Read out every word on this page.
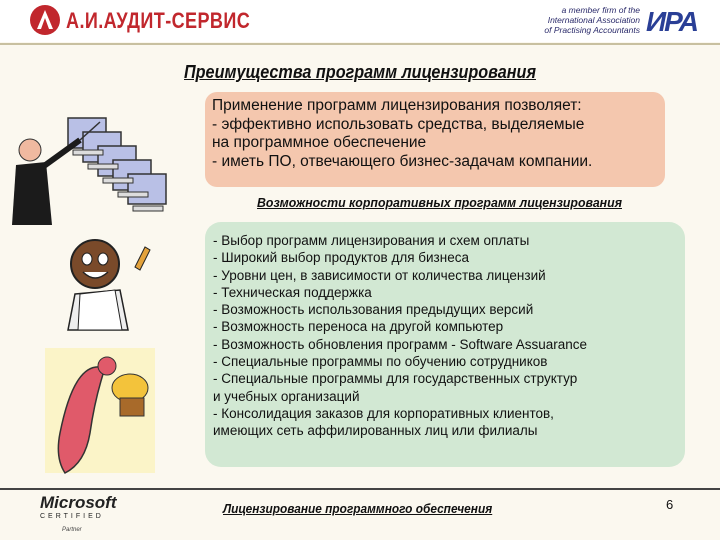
А.И.АУДИТ-СЕРВИС	a member firm of the
International Association
of Practising Accountants ИPA
Преимущества программ лицензирования
Применение программ лицензирования позволяет:
- эффективно использовать средства, выделяемые
на программное обеспечение
- иметь ПО, отвечающего бизнес-задачам компании.
Возможности корпоративных программ лицензирования
- Выбор программ лицензирования и схем оплаты
- Широкий выбор продуктов для бизнеса
- Уровни цен, в зависимости от количества лицензий
- Техническая поддержка
- Возможность использования предыдущих версий
- Возможность переноса на другой компьютер
- Возможность обновления программ - Software Assuarance
- Специальные программы по обучению сотрудников
- Специальные программы для государственных структур
и учебных организаций
- Консолидация заказов для корпоративных клиентов,
имеющих сеть аффилированных лиц или филиалы
Microsoft
CERTIFIED
Partner
Лицензирование программного обеспечения	6
